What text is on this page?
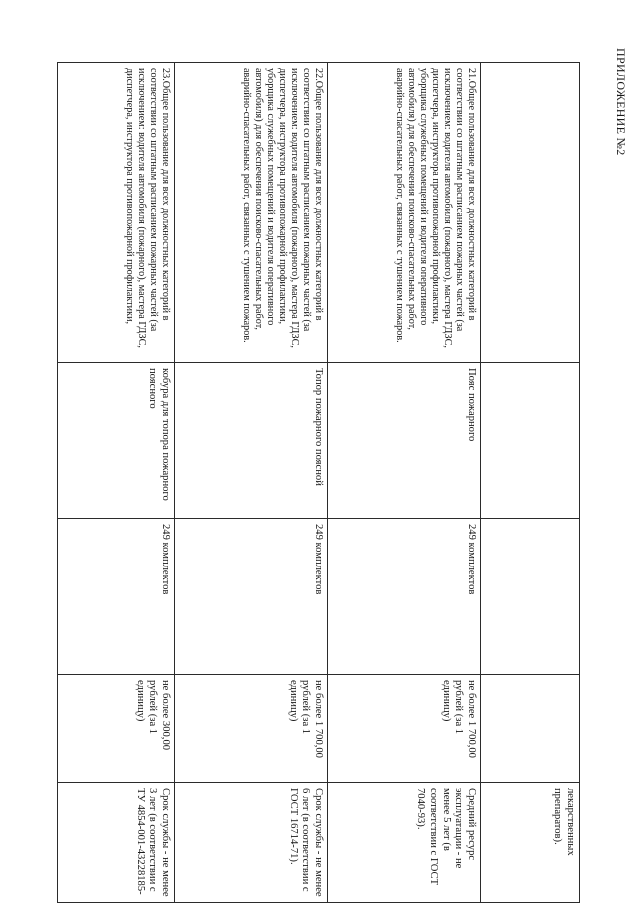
ПРИЛОЖЕНИЕ №2
				лекарственных препаратов).
21.Общее пользование для всех должностных категорий в соответствии со штатным расписанием пожарных частей (за исключением: водителя автомобиля (пожарного), мастера ГДЗС, диспетчера, инструктора противопожарной профилактики, уборщика служебных помещений и водителя оперативного автомобиля) для обеспечения поисково-спасательных работ, аварийно-спасательных работ, связанных с тушением пожаров.	Пояс пожарного	249 комплектов	не более 1 700,00 рублей (за 1 единицу)	Средний ресурс эксплуатации - не менее 5 лет (в соответствии с ГОСТ 7040-93).
22.Общее пользование для всех должностных категорий в соответствии со штатным расписанием пожарных частей (за исключением: водителя автомобиля (пожарного), мастера ГДЗС, диспетчера, инструктора противопожарной профилактики, уборщика служебных помещений и водителя оперативного автомобиля) для обеспечения поисково-спасательных работ, аварийно-спасательных работ, связанных с тушением пожаров.	Топор пожарного поясной	249 комплектов	не более 1 700,00 рублей (за 1 единицу)	Срок службы - не менее 6 лет (в соответствии с ГОСТ 16714-71).
23.Общее пользование для всех должностных категорий в соответствии со штатным расписанием пожарных частей (за исключением: водителя автомобиля (пожарного), мастера ГДЗС, диспетчера, инструктора противопожарной профилактики,	кобура для топора пожарного поясного	249 комплектов	не более 300,00 рублей (за 1 единицу)	Срок службы - не менее 3 лет (в соответствии с ТУ 4854-001-43228185-
